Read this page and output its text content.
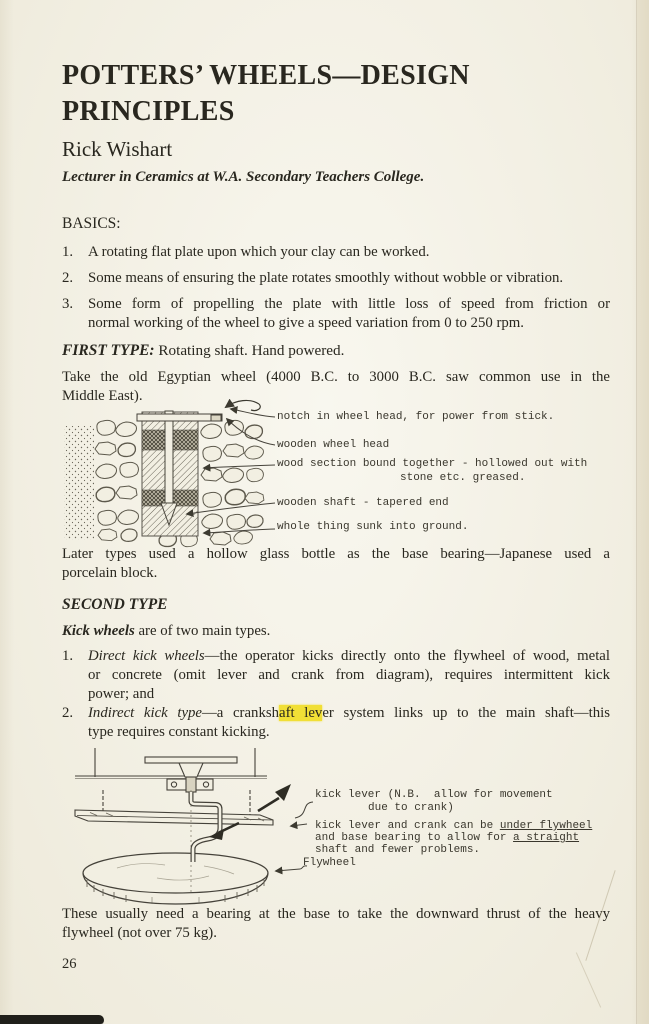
POTTERS’ WHEELS—DESIGN
PRINCIPLES
Rick Wishart
Lecturer in Ceramics at W.A. Secondary Teachers College.
BASICS:
1. A rotating flat plate upon which your clay can be worked.
2. Some means of ensuring the plate rotates smoothly without wobble or vibration.
3. Some form of propelling the plate with little loss of speed from friction or
normal working of the wheel to give a speed variation from 0 to 250 rpm.
FIRST TYPE: Rotating shaft. Hand powered.
Take the old Egyptian wheel (4000 B.C. to 3000 B.C. saw common use in the
Middle East).
notch in wheel head, for power from stick.
wooden wheel head
wood section bound together - hollowed out with
stone etc. greased.
wooden shaft - tapered end
whole thing sunk into ground.
Later types used a hollow glass bottle as the base bearing—Japanese used a
porcelain block.
SECOND TYPE
Kick wheels are of two main types.
1. Direct kick wheels—the operator kicks directly onto the flywheel of wood, metal
or concrete (omit lever and crank from diagram), requires intermittent kick
power; and
2. Indirect kick type—a crankshaft lever system links up to the main shaft—this
type requires constant kicking.
kick lever (N.B.  allow for movement
due to crank)
kick lever and crank can be under flywheel
and base bearing to allow for a straight
shaft and fewer problems.
Flywheel
These usually need a bearing at the base to take the downward thrust of the heavy
flywheel (not over 75 kg).
26
